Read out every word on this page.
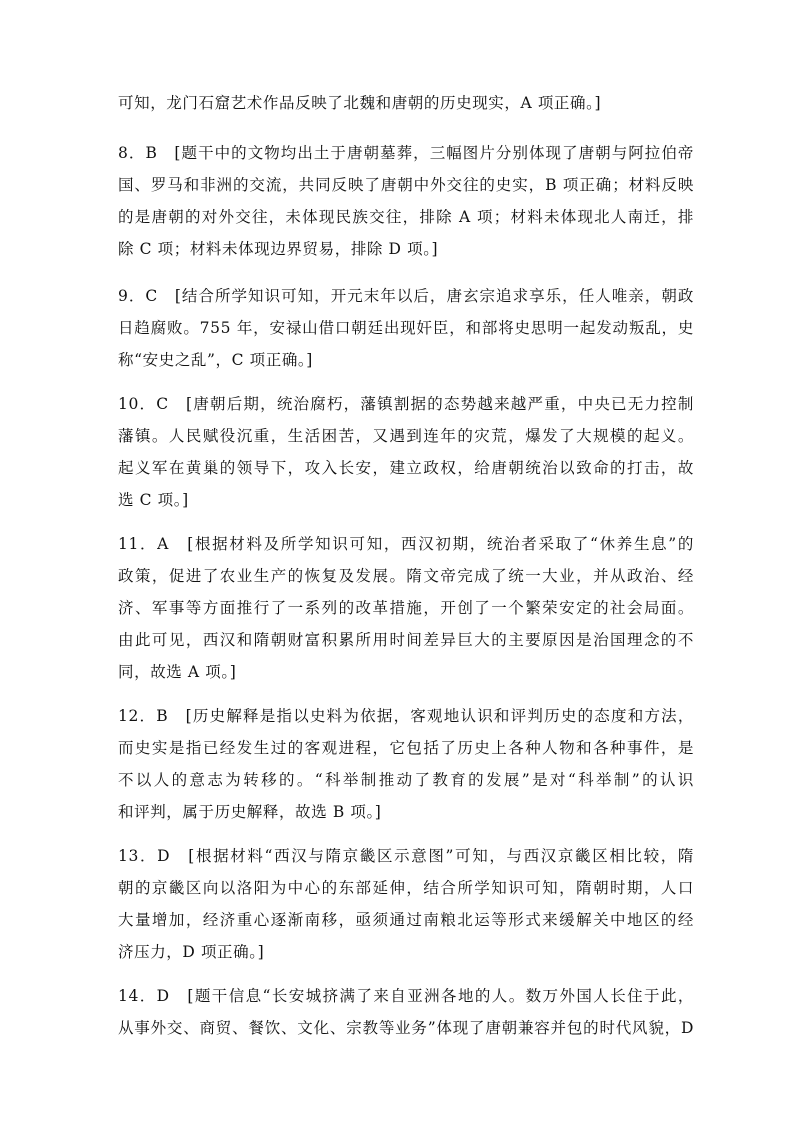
可知，龙门石窟艺术作品反映了北魏和唐朝的历史现实，A 项正确。]
8．B　[题干中的文物均出土于唐朝墓葬，三幅图片分别体现了唐朝与阿拉伯帝
国、罗马和非洲的交流，共同反映了唐朝中外交往的史实，B 项正确；材料反映
的是唐朝的对外交往，未体现民族交往，排除 A 项；材料未体现北人南迁，排
除 C 项；材料未体现边界贸易，排除 D 项。]
9．C　[结合所学知识可知，开元末年以后，唐玄宗追求享乐，任人唯亲，朝政
日趋腐败。755 年，安禄山借口朝廷出现奸臣，和部将史思明一起发动叛乱，史
称“安史之乱”，C 项正确。]
10．C　[唐朝后期，统治腐朽，藩镇割据的态势越来越严重，中央已无力控制
藩镇。人民赋役沉重，生活困苦，又遇到连年的灾荒，爆发了大规模的起义。
起义军在黄巢的领导下，攻入长安，建立政权，给唐朝统治以致命的打击，故
选 C 项。]
11．A　[根据材料及所学知识可知，西汉初期，统治者采取了“休养生息”的
政策，促进了农业生产的恢复及发展。隋文帝完成了统一大业，并从政治、经
济、军事等方面推行了一系列的改革措施，开创了一个繁荣安定的社会局面。
由此可见，西汉和隋朝财富积累所用时间差异巨大的主要原因是治国理念的不
同，故选 A 项。]
12．B　[历史解释是指以史料为依据，客观地认识和评判历史的态度和方法，
而史实是指已经发生过的客观进程，它包括了历史上各种人物和各种事件，是
不以人的意志为转移的。“科举制推动了教育的发展”是对“科举制”的认识
和评判，属于历史解释，故选 B 项。]
13．D　[根据材料“西汉与隋京畿区示意图”可知，与西汉京畿区相比较，隋
朝的京畿区向以洛阳为中心的东部延伸，结合所学知识可知，隋朝时期，人口
大量增加，经济重心逐渐南移，亟须通过南粮北运等形式来缓解关中地区的经
济压力，D 项正确。]
14．D　[题干信息“长安城挤满了来自亚洲各地的人。数万外国人长住于此，
从事外交、商贸、餐饮、文化、宗教等业务”体现了唐朝兼容并包的时代风貌，D
